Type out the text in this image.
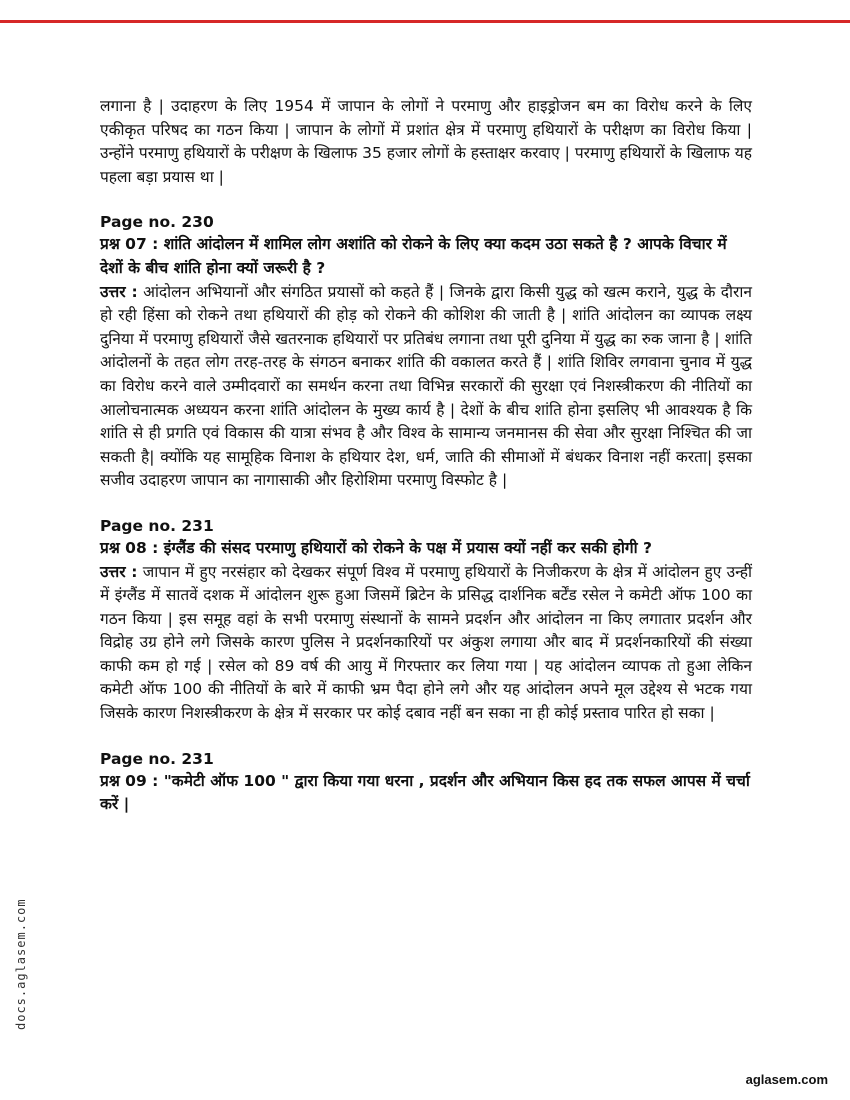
लगाना है | उदाहरण के लिए 1954 में जापान के लोगों ने परमाणु और हाइड्रोजन बम का विरोध करने के लिए एकीकृत परिषद का गठन किया | जापान के लोगों में प्रशांत क्षेत्र में परमाणु हथियारों के परीक्षण का विरोध किया | उन्होंने परमाणु हथियारों के परीक्षण के खिलाफ 35 हजार लोगों के हस्ताक्षर करवाए | परमाणु हथियारों के खिलाफ यह पहला बड़ा प्रयास था |

Page no. 230

प्रश्न 07 : शांति आंदोलन में शामिल लोग अशांति को रोकने के लिए क्या कदम उठा सकते है ? आपके विचार में देशों के बीच शांति होना क्यों जरूरी है ?

उत्तर : आंदोलन अभियानों और संगठित प्रयासों को कहते हैं | जिनके द्वारा किसी युद्ध को खत्म कराने, युद्ध के दौरान हो रही हिंसा को रोकने तथा हथियारों की होड़ को रोकने की कोशिश की जाती है | शांति आंदोलन का व्यापक लक्ष्य दुनिया में परमाणु हथियारों जैसे खतरनाक हथियारों पर प्रतिबंध लगाना तथा पूरी दुनिया में युद्ध का रुक जाना है | शांति आंदोलनों के तहत लोग तरह-तरह के संगठन बनाकर शांति की वकालत करते हैं | शांति शिविर लगवाना चुनाव में युद्ध का विरोध करने वाले उम्मीदवारों का समर्थन करना तथा विभिन्न सरकारों की सुरक्षा एवं निशस्त्रीकरण की नीतियों का आलोचनात्मक अध्ययन करना शांति आंदोलन के मुख्य कार्य है | देशों के बीच शांति होना इसलिए भी आवश्यक है कि शांति से ही प्रगति एवं विकास की यात्रा संभव है और विश्व के सामान्य जनमानस की सेवा और सुरक्षा निश्चित की जा सकती है| क्योंकि यह सामूहिक विनाश के हथियार देश, धर्म, जाति की सीमाओं में बंधकर विनाश नहीं करता| इसका सजीव उदाहरण जापान का नागासाकी और हिरोशिमा परमाणु विस्फोट है |

Page no. 231

प्रश्न 08 : इंग्लैंड की संसद परमाणु हथियारों को रोकने के पक्ष में प्रयास क्यों नहीं कर सकी होगी ?

उत्तर : जापान में हुए नरसंहार को देखकर संपूर्ण विश्व में परमाणु हथियारों के निजीकरण के क्षेत्र में आंदोलन हुए उन्हीं में इंग्लैंड में सातवें दशक में आंदोलन शुरू हुआ जिसमें ब्रिटेन के प्रसिद्ध दार्शनिक बर्टेंड रसेल ने कमेटी ऑफ 100 का गठन किया | इस समूह वहां के सभी परमाणु संस्थानों के सामने प्रदर्शन और आंदोलन ना किए लगातार प्रदर्शन और विद्रोह उग्र होने लगे जिसके कारण पुलिस ने प्रदर्शनकारियों पर अंकुश लगाया और बाद में प्रदर्शनकारियों की संख्या काफी कम हो गई | रसेल को 89 वर्ष की आयु में गिरफ्तार कर लिया गया | यह आंदोलन व्यापक तो हुआ लेकिन कमेटी ऑफ 100 की नीतियों के बारे में काफी भ्रम पैदा होने लगे और यह आंदोलन अपने मूल उद्देश्य से भटक गया जिसके कारण निशस्त्रीकरण के क्षेत्र में सरकार पर कोई दबाव नहीं बन सका ना ही कोई प्रस्ताव पारित हो सका |

Page no. 231

प्रश्न 09 : "कमेटी ऑफ 100 " द्वारा किया गया धरना , प्रदर्शन और अभियान किस हद तक सफल आपस में चर्चा करें |

docs.aglasem.com
aglasem.com
